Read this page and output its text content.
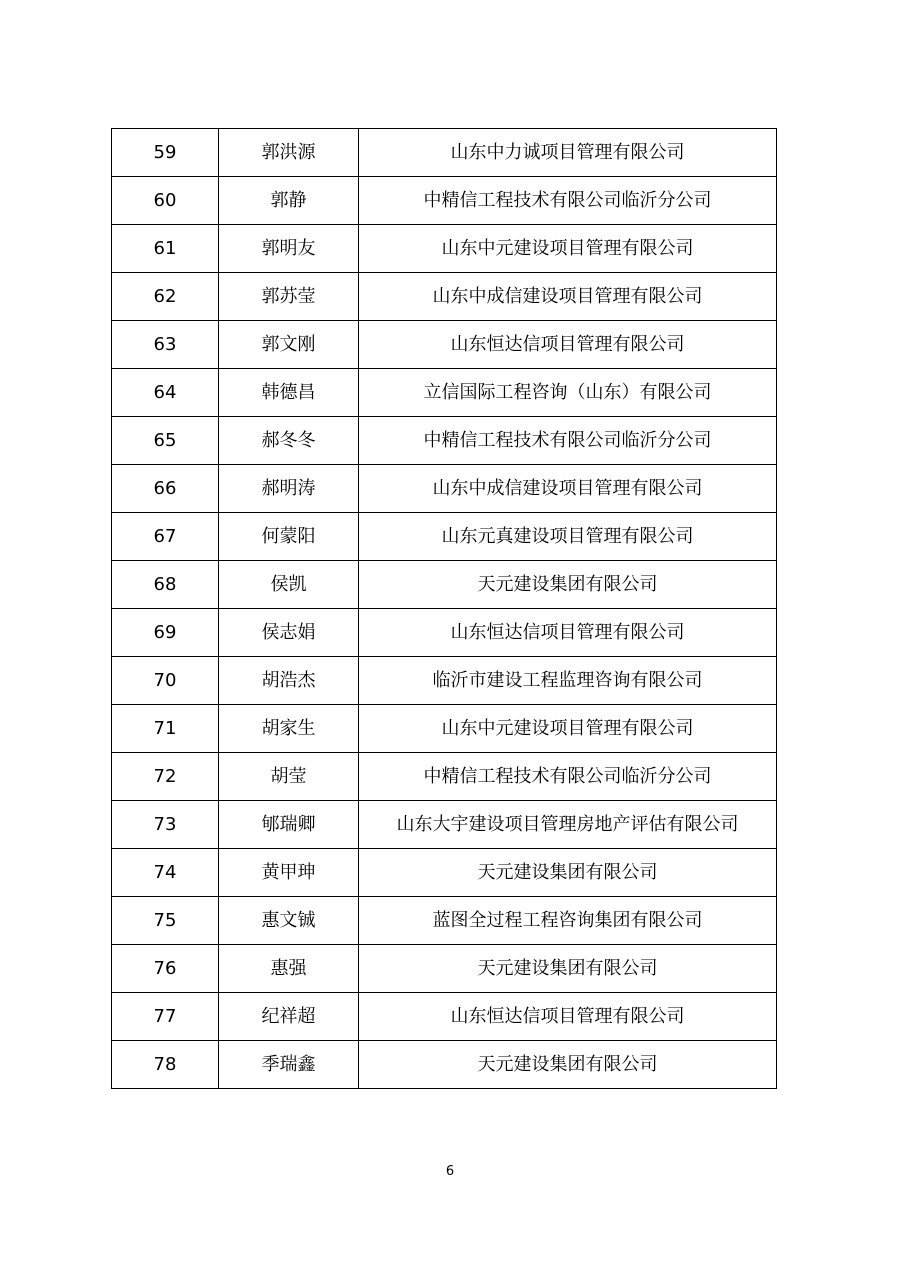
59	郭洪源	山东中力诚项目管理有限公司
60	郭静	中精信工程技术有限公司临沂分公司
61	郭明友	山东中元建设项目管理有限公司
62	郭苏莹	山东中成信建设项目管理有限公司
63	郭文刚	山东恒达信项目管理有限公司
64	韩德昌	立信国际工程咨询（山东）有限公司
65	郝冬冬	中精信工程技术有限公司临沂分公司
66	郝明涛	山东中成信建设项目管理有限公司
67	何蒙阳	山东元真建设项目管理有限公司
68	侯凯	天元建设集团有限公司
69	侯志娟	山东恒达信项目管理有限公司
70	胡浩杰	临沂市建设工程监理咨询有限公司
71	胡家生	山东中元建设项目管理有限公司
72	胡莹	中精信工程技术有限公司临沂分公司
73	郇瑞卿	山东大宇建设项目管理房地产评估有限公司
74	黄甲珅	天元建设集团有限公司
75	惠文铖	蓝图全过程工程咨询集团有限公司
76	惠强	天元建设集团有限公司
77	纪祥超	山东恒达信项目管理有限公司
78	季瑞鑫	天元建设集团有限公司
6
